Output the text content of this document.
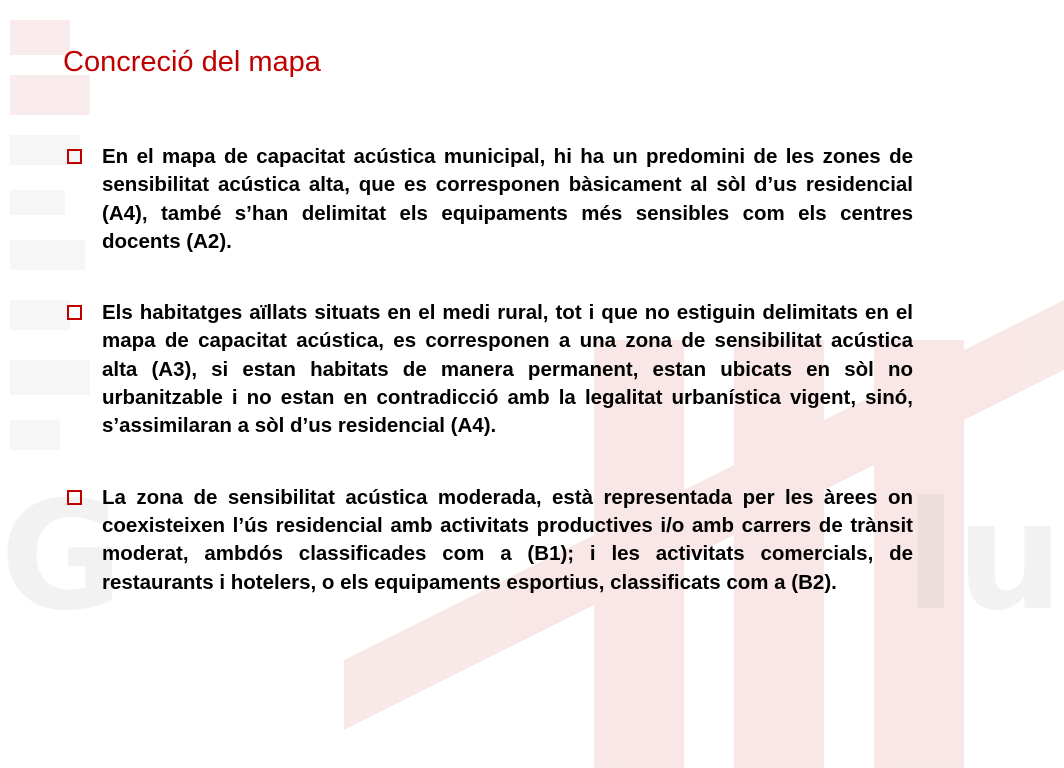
G	lu
Concreció del mapa

En el mapa de capacitat acústica municipal, hi ha un predomini de les zones de sensibilitat acústica alta, que es corresponen bàsicament al sòl d’us residencial (A4), també s’han delimitat els equipaments més sensibles com els centres docents (A2).

Els habitatges aïllats situats en el medi rural, tot i que no estiguin delimitats en el mapa de capacitat acústica, es corresponen a una zona de sensibilitat acústica alta (A3), si estan habitats de manera permanent, estan ubicats en sòl no urbanitzable i no estan en contradicció amb la legalitat urbanística vigent, sinó, s’assimilaran a sòl d’us residencial (A4).

La zona de sensibilitat acústica moderada, està representada per les àrees on coexisteixen l’ús residencial amb activitats productives i/o amb carrers de trànsit moderat, ambdós classificades com a (B1); i les activitats comercials, de restaurants i hotelers, o els equipaments esportius, classificats com a (B2).
